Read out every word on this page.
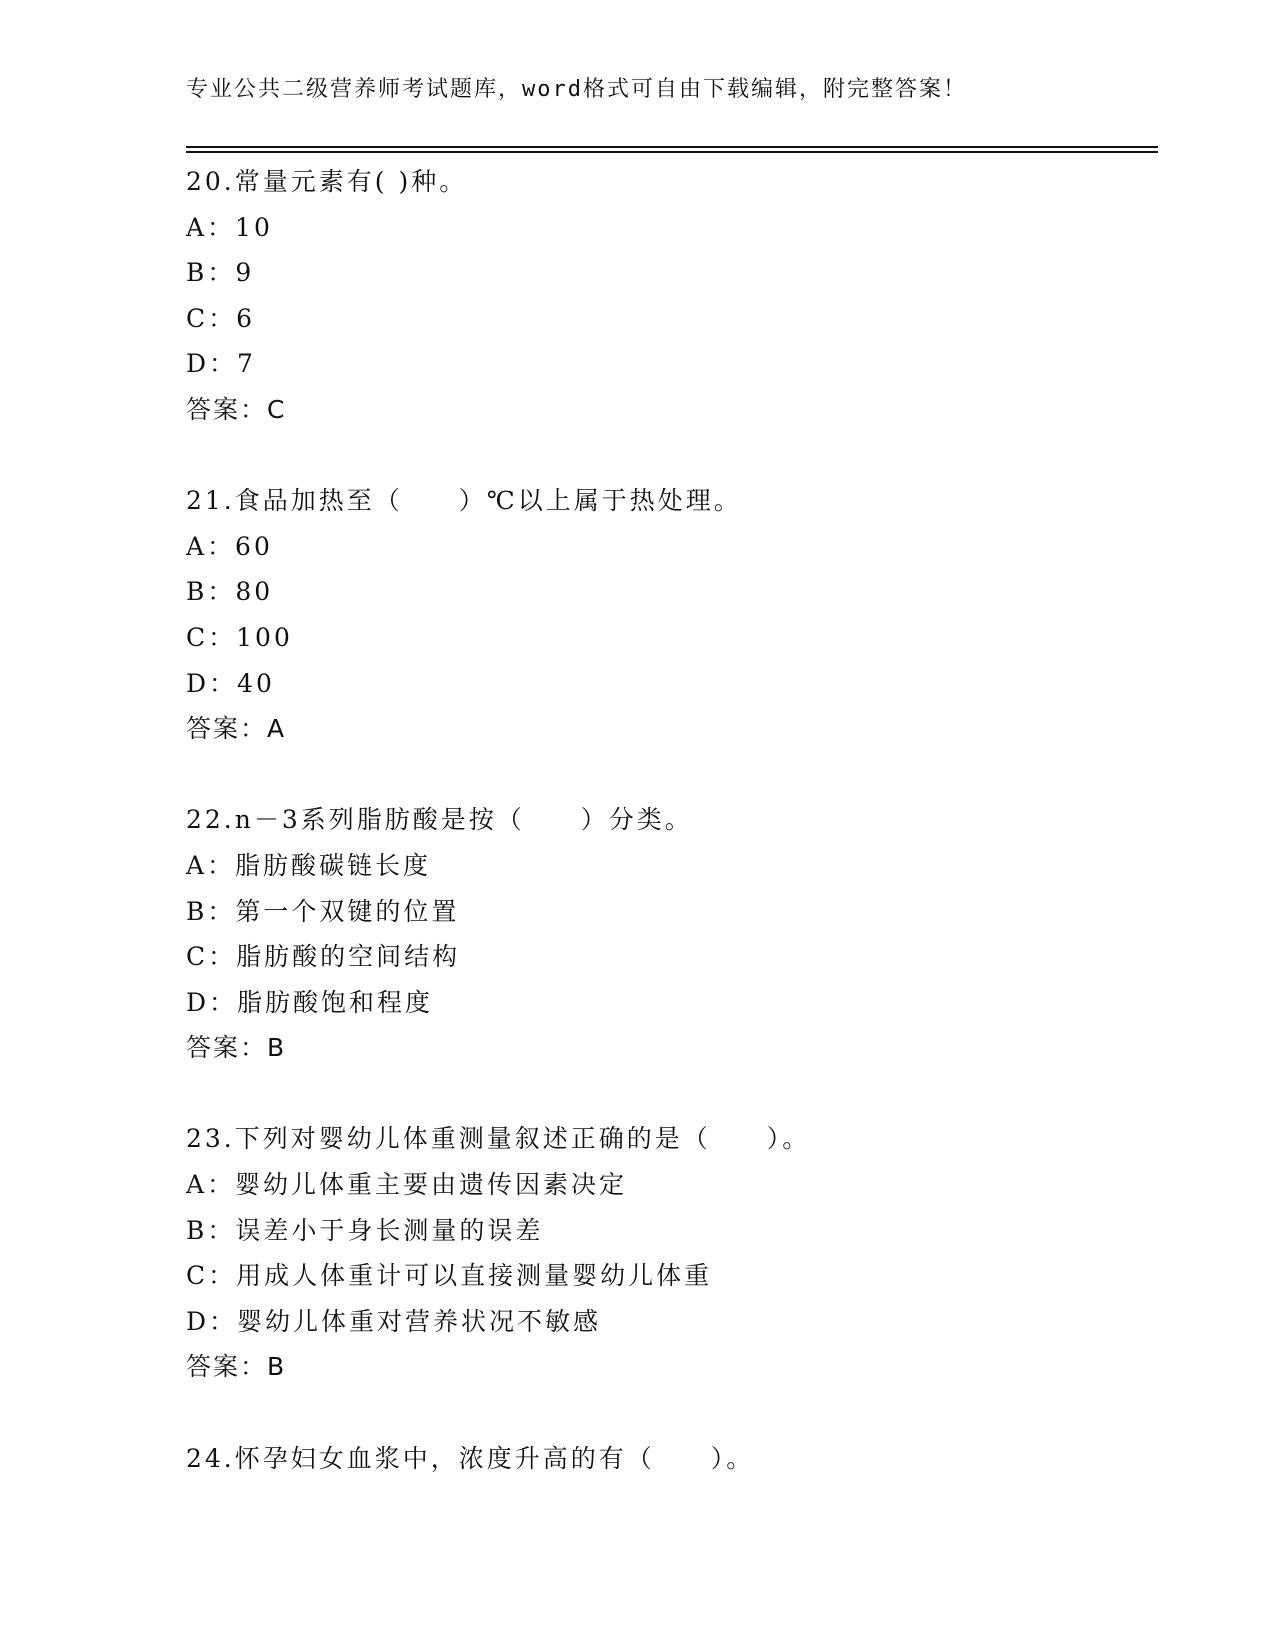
专业公共二级营养师考试题库，word格式可自由下载编辑，附完整答案！
20.常量元素有( )种。
A：10
B：9
C：6
D：7
答案：C
21.食品加热至（　　）℃以上属于热处理。
A：60
B：80
C：100
D：40
答案：A
22.n－3系列脂肪酸是按（　　）分类。
A：脂肪酸碳链长度
B：第一个双键的位置
C：脂肪酸的空间结构
D：脂肪酸饱和程度
答案：B
23.下列对婴幼儿体重测量叙述正确的是（　　）。
A：婴幼儿体重主要由遗传因素决定
B：误差小于身长测量的误差
C：用成人体重计可以直接测量婴幼儿体重
D：婴幼儿体重对营养状况不敏感
答案：B
24.怀孕妇女血浆中，浓度升高的有（　　）。
